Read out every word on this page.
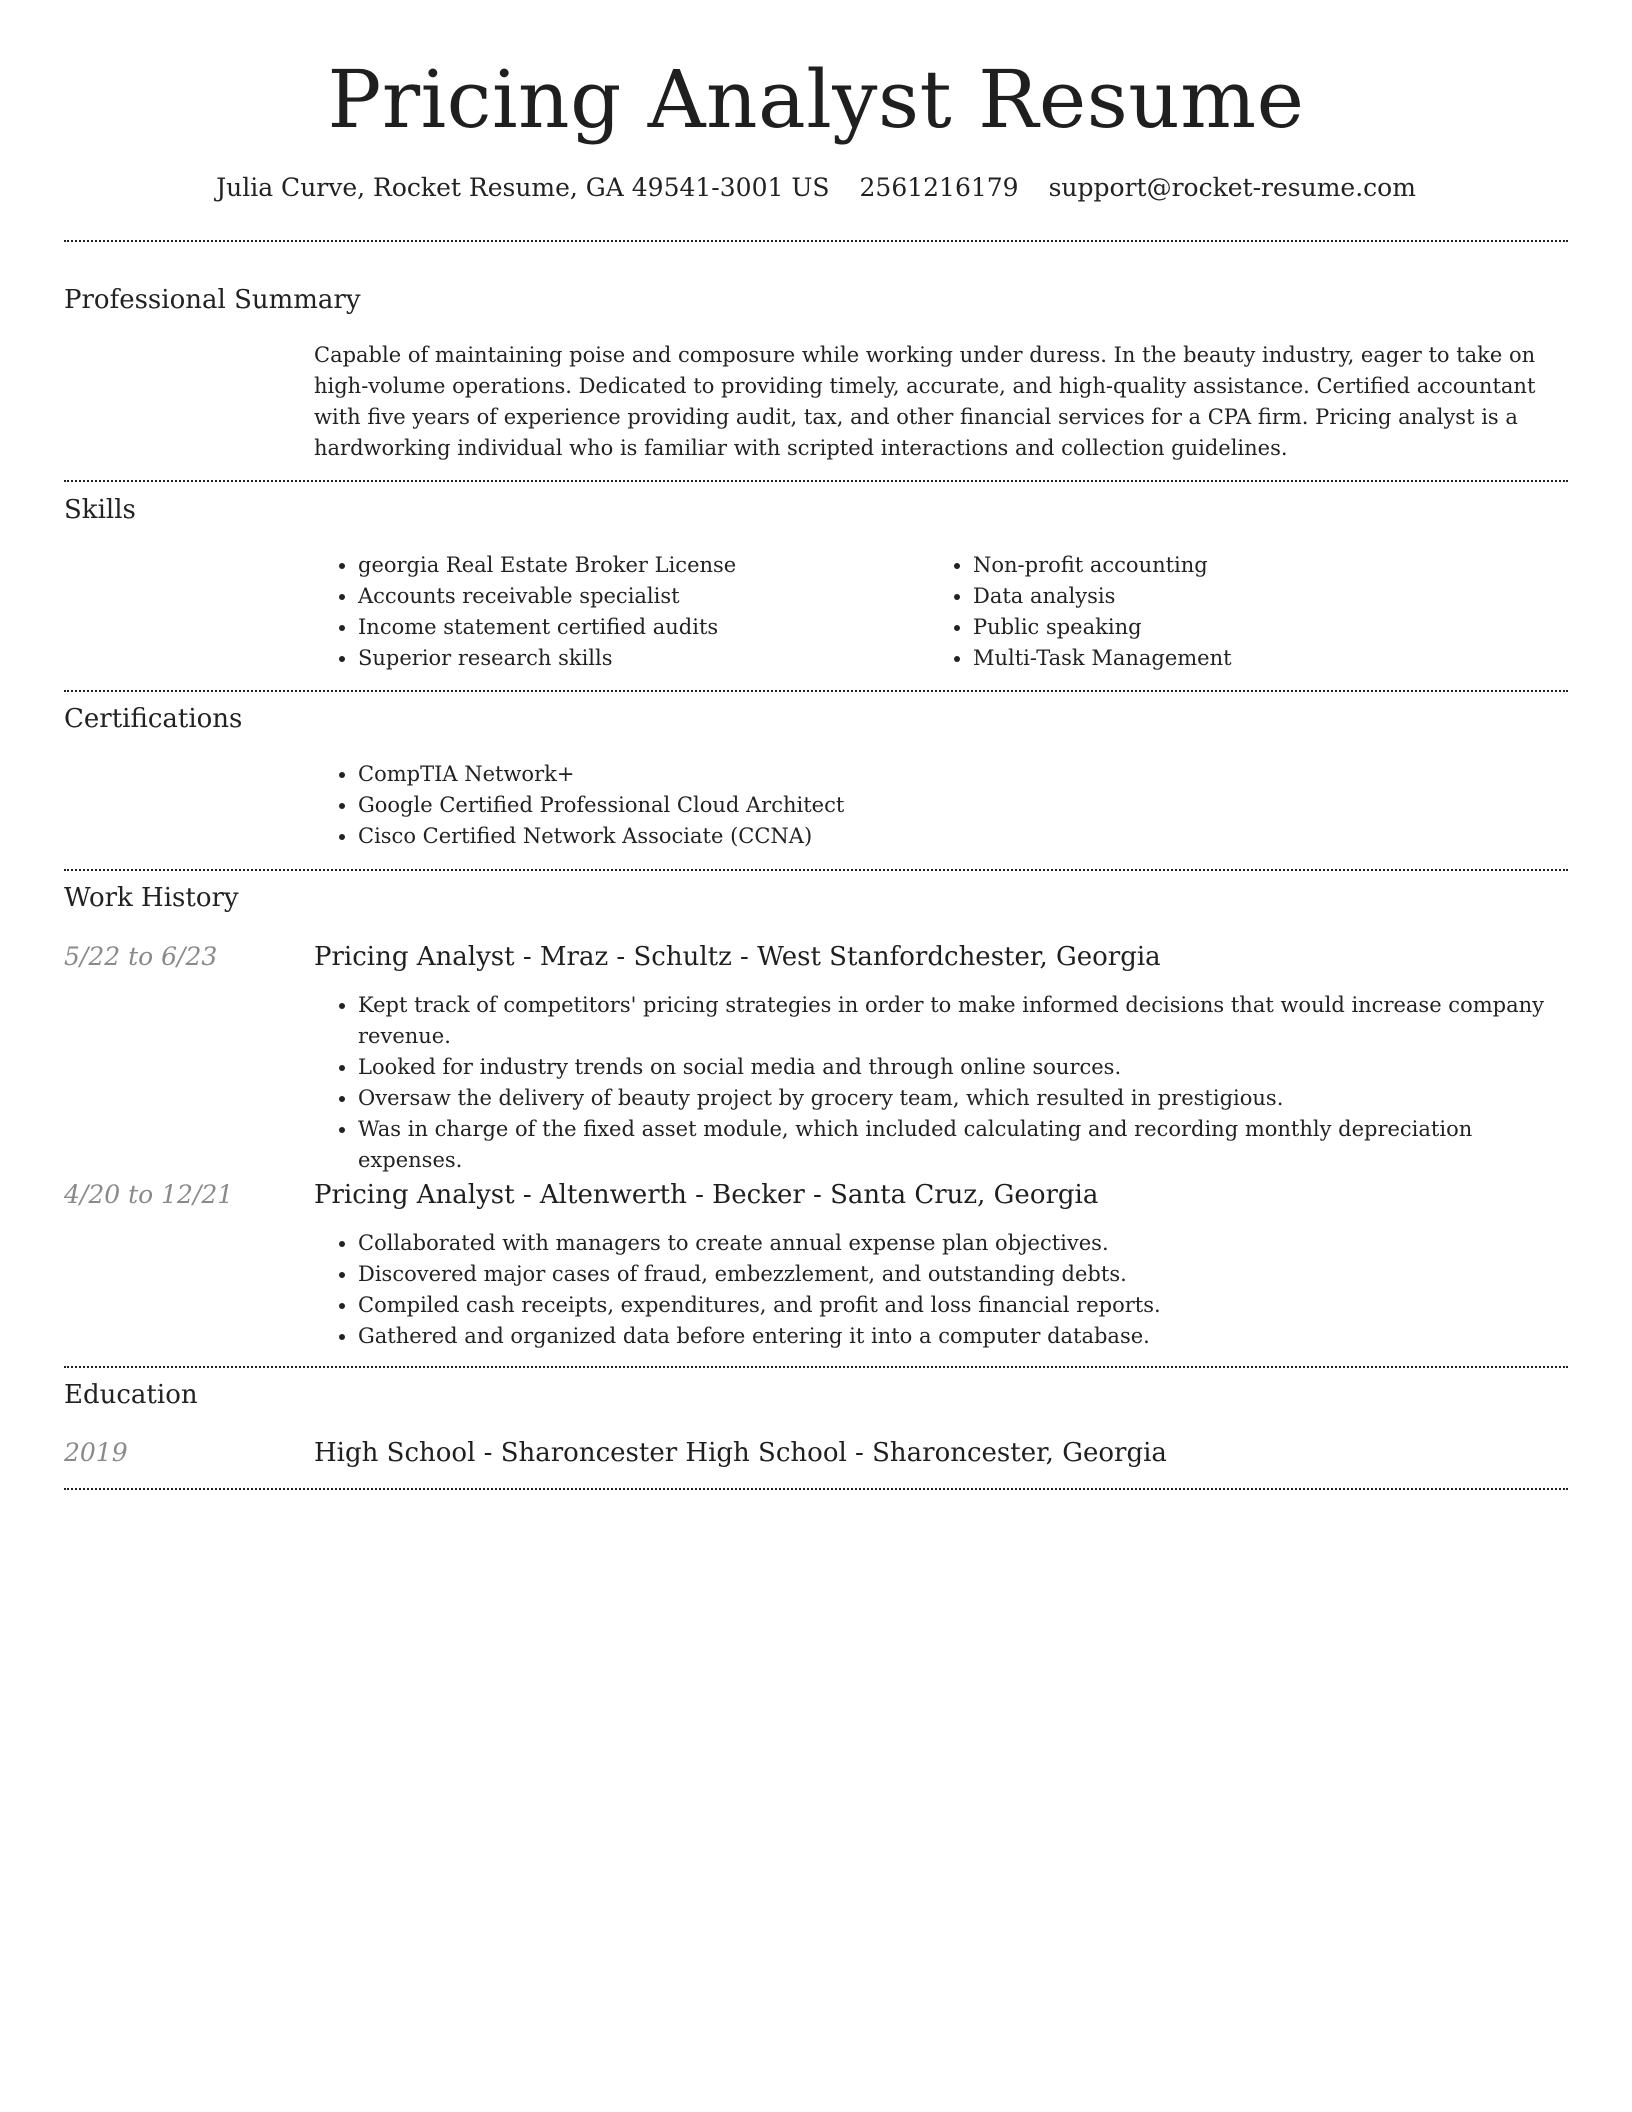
Pricing Analyst Resume
Julia Curve, Rocket Resume, GA 49541-3001 US 2561216179 support@rocket-resume.com
Professional Summary
Capable of maintaining poise and composure while working under duress. In the beauty industry, eager to take on high-volume operations. Dedicated to providing timely, accurate, and high-quality assistance. Certified accountant with five years of experience providing audit, tax, and other financial services for a CPA firm. Pricing analyst is a hardworking individual who is familiar with scripted interactions and collection guidelines.
Skills
• georgia Real Estate Broker License
• Accounts receivable specialist
• Income statement certified audits
• Superior research skills
• Non-profit accounting
• Data analysis
• Public speaking
• Multi-Task Management
Certifications
• CompTIA Network+
• Google Certified Professional Cloud Architect
• Cisco Certified Network Associate (CCNA)
Work History
5/22 to 6/23	Pricing Analyst - Mraz - Schultz - West Stanfordchester, Georgia
• Kept track of competitors' pricing strategies in order to make informed decisions that would increase company revenue.
• Looked for industry trends on social media and through online sources.
• Oversaw the delivery of beauty project by grocery team, which resulted in prestigious.
• Was in charge of the fixed asset module, which included calculating and recording monthly depreciation expenses.
4/20 to 12/21	Pricing Analyst - Altenwerth - Becker - Santa Cruz, Georgia
• Collaborated with managers to create annual expense plan objectives.
• Discovered major cases of fraud, embezzlement, and outstanding debts.
• Compiled cash receipts, expenditures, and profit and loss financial reports.
• Gathered and organized data before entering it into a computer database.
Education
2019	High School - Sharoncester High School - Sharoncester, Georgia
